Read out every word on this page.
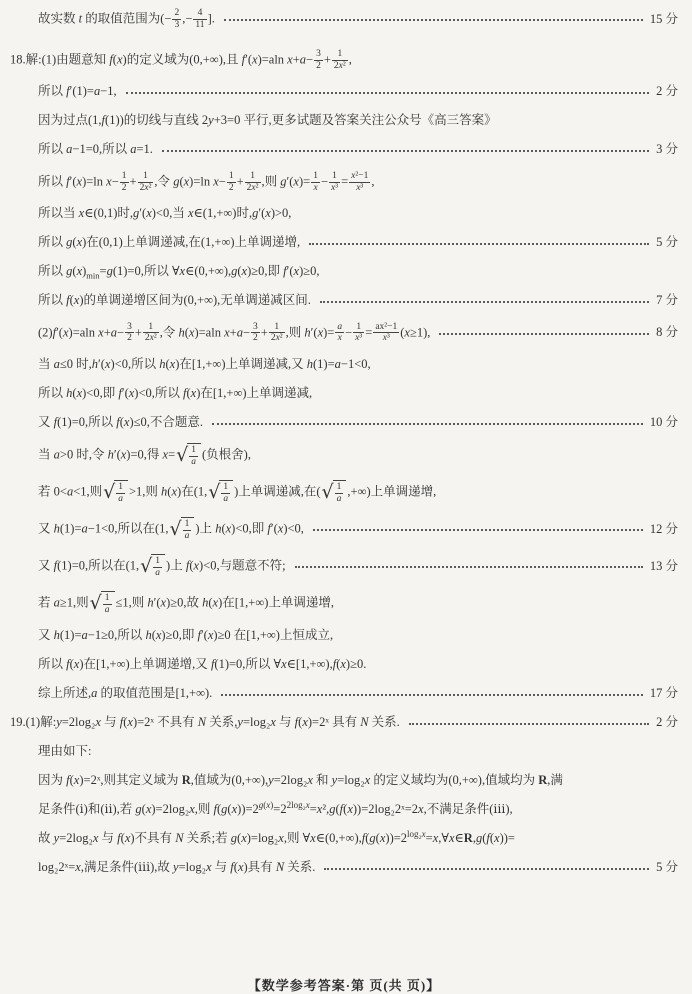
故实数 t 的取值范围为(− $\frac{2}{3}$ ,− $\frac{4}{11}$ ].	15 分
18.解:(1)由题意知 f(x)的定义域为(0,+∞),且 f′(x)=aln $x+a- \frac{3}{2} + \frac{1}{\text{2x²}}$ ,
所以 f′(1)=a−1,	2 分
因为过点(1,f(1))的切线与直线 2y+3=0 平行,更多试题及答案关注公众号《高三答案》
所以 a−1=0,所以 a=1.	3 分
所以 f′(x)=ln $x- \frac{1}{2} + \frac{1}{\text{2x²}}$ ,令 g(x)=ln $x- \frac{1}{2} + \frac{1}{\text{2x²}}$ ,则 $g'(x)= \frac{1}{x} - \frac{1}{\text{x³}} = \frac{\text{x²−1}}{\text{x³}}$ ,
所以当 x∈(0,1)时,g′(x)<0,当 x∈(1,+∞)时,g′(x)>0,
所以 g(x)在(0,1)上单调递减,在(1,+∞)上单调递增,	5 分
所以 $g(x)_{min}=g(1)=0$,所以 ∀x∈(0,+∞),g(x)≥0,即 f′(x)≥0,
所以 f(x)的单调递增区间为(0,+∞),无单调递减区间.	7 分
(2)f′(x)=aln $x+a- \frac{3}{2} + \frac{1}{\text{2x²}}$ ,令 h(x)=aln $x+a- \frac{3}{2} + \frac{1}{\text{2x²}}$ ,则 $h'(x)= \frac{a}{x} - \frac{1}{\text{x³}} = \frac{\text{ax²−1}}{\text{x³}} (x\ge 1)$,	8 分
当 a≤0 时,h′(x)<0,所以 h(x)在[1,+∞)上单调递减,又 h(1)=a−1<0,
所以 h(x)<0,即 f′(x)<0,所以 f(x)在[1,+∞)上单调递减,
又 f(1)=0,所以 f(x)≤0,不合题意.	10 分
当 a>0 时,令 h′(x)=0,得 x= √ 1
a
(负根舍),
若 0<a<1,则 √ 1
a
>1,则 h(x)在(1, √ 1
a
)上单调递减,在( √ 1
a
,+∞)上单调递增,
又 h(1)=a−1<0,所以在(1, √ 1
a
)上 h(x)<0,即 f′(x)<0,	12 分
又 f(1)=0,所以在(1, √ 1
a
)上 f(x)<0,与题意不符;	13 分
若 a≥1,则 √ 1
a
≤1,则 h′(x)≥0,故 h(x)在[1,+∞)上单调递增,
又 h(1)=a−1≥0,所以 h(x)≥0,即 f′(x)≥0 在[1,+∞)上恒成立,
所以 f(x)在[1,+∞)上单调递增,又 f(1)=0,所以 ∀x∈[1,+∞),f(x)≥0.
综上所述,a 的取值范围是[1,+∞).	17 分
19.(1)解:y=2log₂x 与 f(x)=2ˣ 不具有 N 关系,y=log₂x 与 f(x)=2ˣ 具有 N 关系.	2 分
理由如下:
因为 f(x)=2ˣ,则其定义域为 R,值域为(0,+∞),y=2log₂x 和 y=log₂x 的定义域均为(0,+∞),值域均为 R,满
足条件(ⅰ)和(ⅱ),若 g(x)=2log₂x,则 $f(g(x))=2^{g(x)}=2^{2log_2x}=x^2,g(f(x))=2\log_22ˣ=2x$,不满足条件(ⅲ),
故 y=2log₂x 与 f(x)不具有 N 关系;若 g(x)=log₂x,则 $\forall x\in(0,+\infty),f(g(x))=2^{log_2x}=x,\forall x\in R,g(f(x))=$
log₂2ˣ=x,满足条件(ⅲ),故 y=log₂x 与 f(x)具有 N 关系.	5 分
【数学参考答案·第 页(共 页)】
